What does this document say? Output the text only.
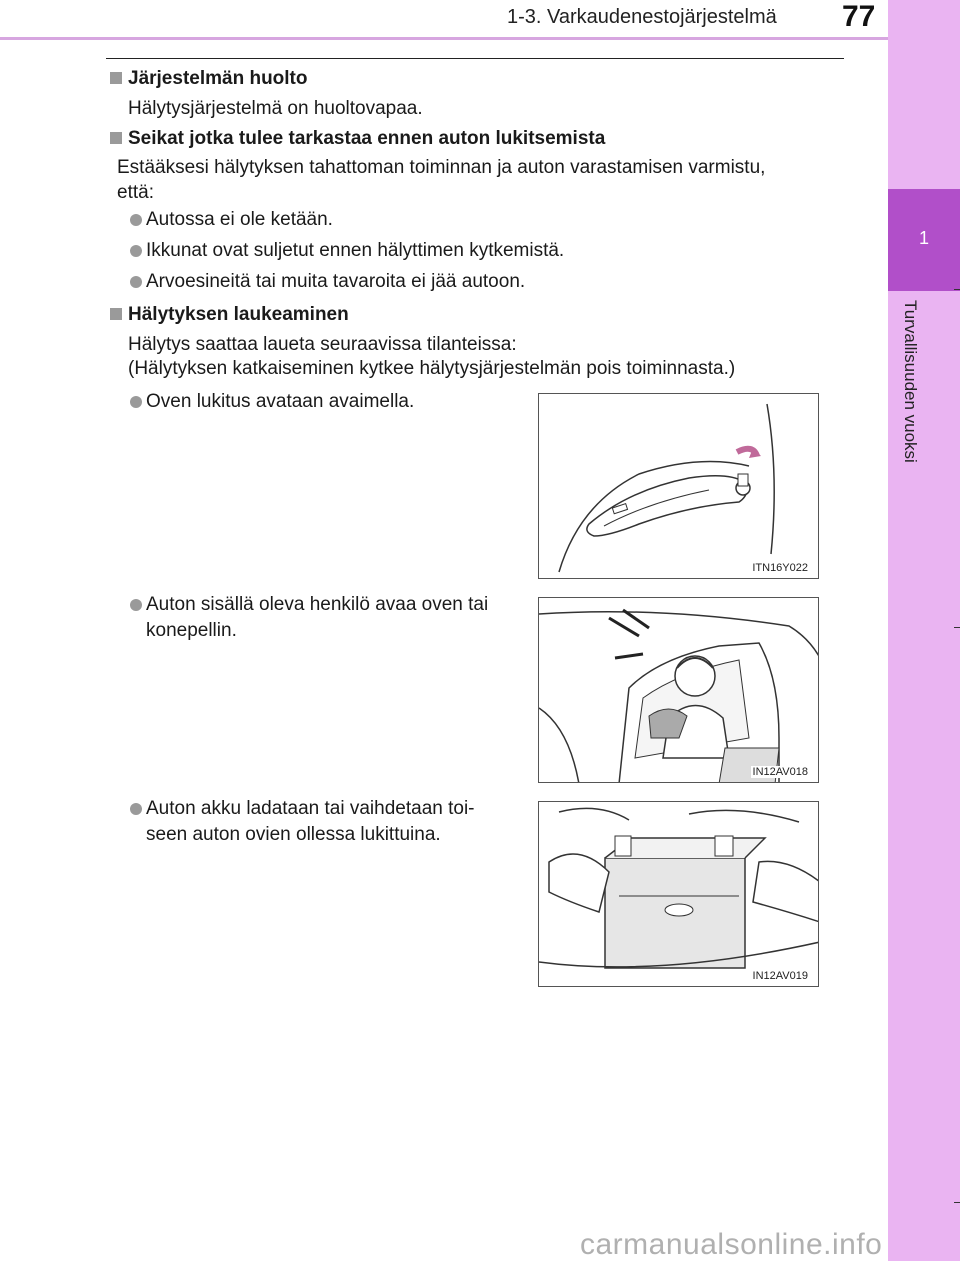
1-3. Varkaudenestojärjestelmä 77
1
Turvallisuuden vuoksi
Järjestelmän huolto
Hälytysjärjestelmä on huoltovapaa.
Seikat jotka tulee tarkastaa ennen auton lukitsemista
Estääksesi hälytyksen tahattoman toiminnan ja auton varastamisen varmistu,
että:
Autossa ei ole ketään.
Ikkunat ovat suljetut ennen hälyttimen kytkemistä.
Arvoesineitä tai muita tavaroita ei jää autoon.
Hälytyksen laukeaminen
Hälytys saattaa laueta seuraavissa tilanteissa:
(Hälytyksen katkaiseminen kytkee hälytysjärjestelmän pois toiminnasta.)
Oven lukitus avataan avaimella.
Auton sisällä oleva henkilö avaa oven tai
konepellin.
Auton akku ladataan tai vaihdetaan toi-
seen auton ovien ollessa lukittuina.
ITN16Y022
IN12AV018
IN12AV019
carmanualsonline.info
